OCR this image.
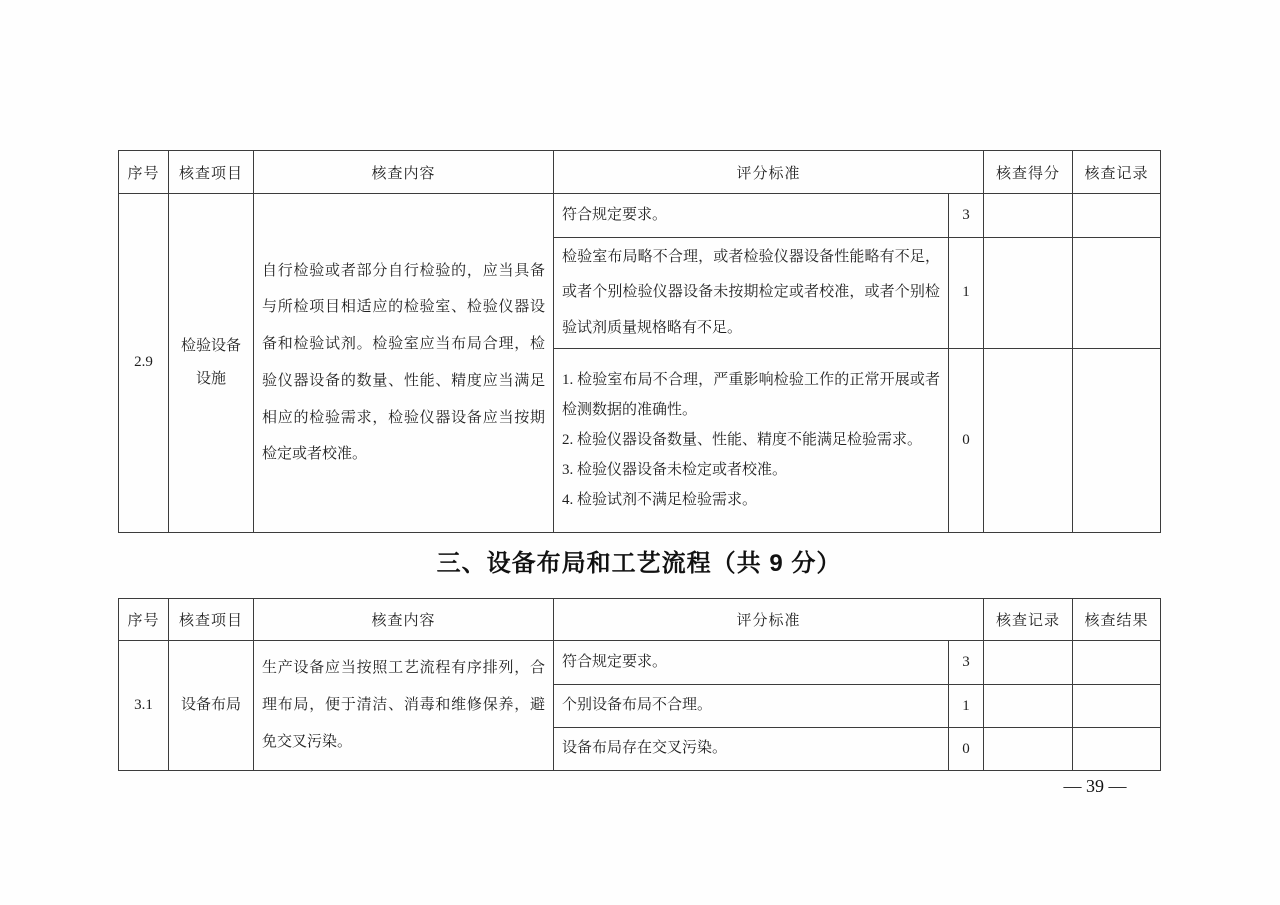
序号	核查项目	核查内容	评分标准		核查得分	核查记录
2.9	检验设备设施	自行检验或者部分自行检验的，应当具备与所检项目相适应的检验室、检验仪器设备和检验试剂。检验室应当布局合理，检验仪器设备的数量、性能、精度应当满足相应的检验需求，检验仪器设备应当按期检定或者校准。	符合规定要求。	3		
			检验室布局略不合理，或者检验仪器设备性能略有不足，或者个别检验仪器设备未按期检定或者校准，或者个别检验试剂质量规格略有不足。	1		

			1. 检验室布局不合理，严重影响检验工作的正常开展或者检测数据的准确性。
2. 检验仪器设备数量、性能、精度不能满足检验需求。
3. 检验仪器设备未检定或者校准。
4. 检验试剂不满足检验需求。	0		
三、设备布局和工艺流程（共 9 分）
序号	核查项目	核查内容	评分标准		核查记录	核查结果
3.1	设备布局	生产设备应当按照工艺流程有序排列，合理布局，便于清洁、消毒和维修保养，避免交叉污染。	符合规定要求。	3		
			个别设备布局不合理。	1		
			设备布局存在交叉污染。	0		
— 39 —
